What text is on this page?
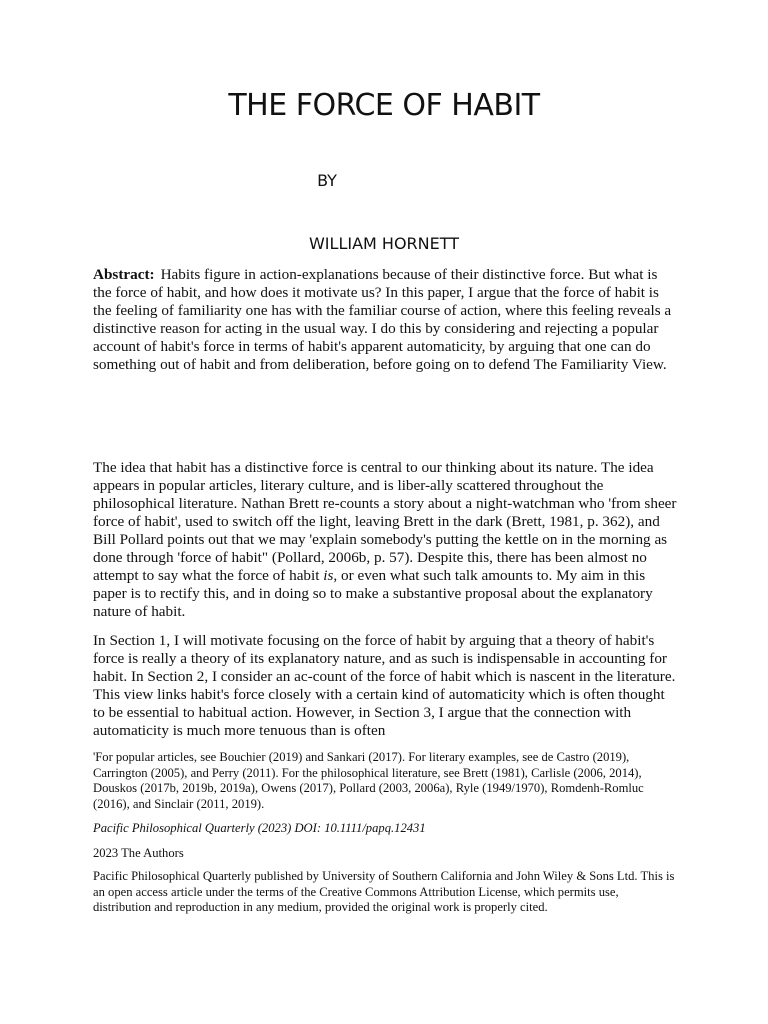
THE FORCE OF HABIT
BY
WILLIAM HORNETT

Abstract: Habits figure in action-explanations because of their distinctive force. But what is the force of habit, and how does it motivate us? In this paper, I argue that the force of habit is the feeling of familiarity one has with the familiar course of action, where this feeling reveals a distinctive reason for acting in the usual way. I do this by considering and rejecting a popular account of habit's force in terms of habit's apparent automaticity, by arguing that one can do something out of habit and from deliberation, before going on to defend The Familiarity View.

The idea that habit has a distinctive force is central to our thinking about its nature. The idea appears in popular articles, literary culture, and is liber-ally scattered throughout the philosophical literature. Nathan Brett re-counts a story about a night-watchman who 'from sheer force of habit', used to switch off the light, leaving Brett in the dark (Brett, 1981, p. 362), and Bill Pollard points out that we may 'explain somebody's putting the kettle on in the morning as done through 'force of habit" (Pollard, 2006b, p. 57). Despite this, there has been almost no attempt to say what the force of habit is, or even what such talk amounts to. My aim in this paper is to rectify this, and in doing so to make a substantive proposal about the explanatory nature of habit.

In Section 1, I will motivate focusing on the force of habit by arguing that a theory of habit's force is really a theory of its explanatory nature, and as such is indispensable in accounting for habit. In Section 2, I consider an ac-count of the force of habit which is nascent in the literature. This view links habit's force closely with a certain kind of automaticity which is often thought to be essential to habitual action. However, in Section 3, I argue that the connection with automaticity is much more tenuous than is often

'For popular articles, see Bouchier (2019) and Sankari (2017). For literary examples, see de Castro (2019), Carrington (2005), and Perry (2011). For the philosophical literature, see Brett (1981), Carlisle (2006, 2014), Douskos (2017b, 2019b, 2019a), Owens (2017), Pollard (2003, 2006a), Ryle (1949/1970), Romdenh-Romluc (2016), and Sinclair (2011, 2019).

Pacific Philosophical Quarterly (2023) DOI: 10.1111/papq.12431

2023 The Authors

Pacific Philosophical Quarterly published by University of Southern California and John Wiley & Sons Ltd. This is an open access article under the terms of the Creative Commons Attribution License, which permits use, distribution and reproduction in any medium, provided the original work is properly cited.
